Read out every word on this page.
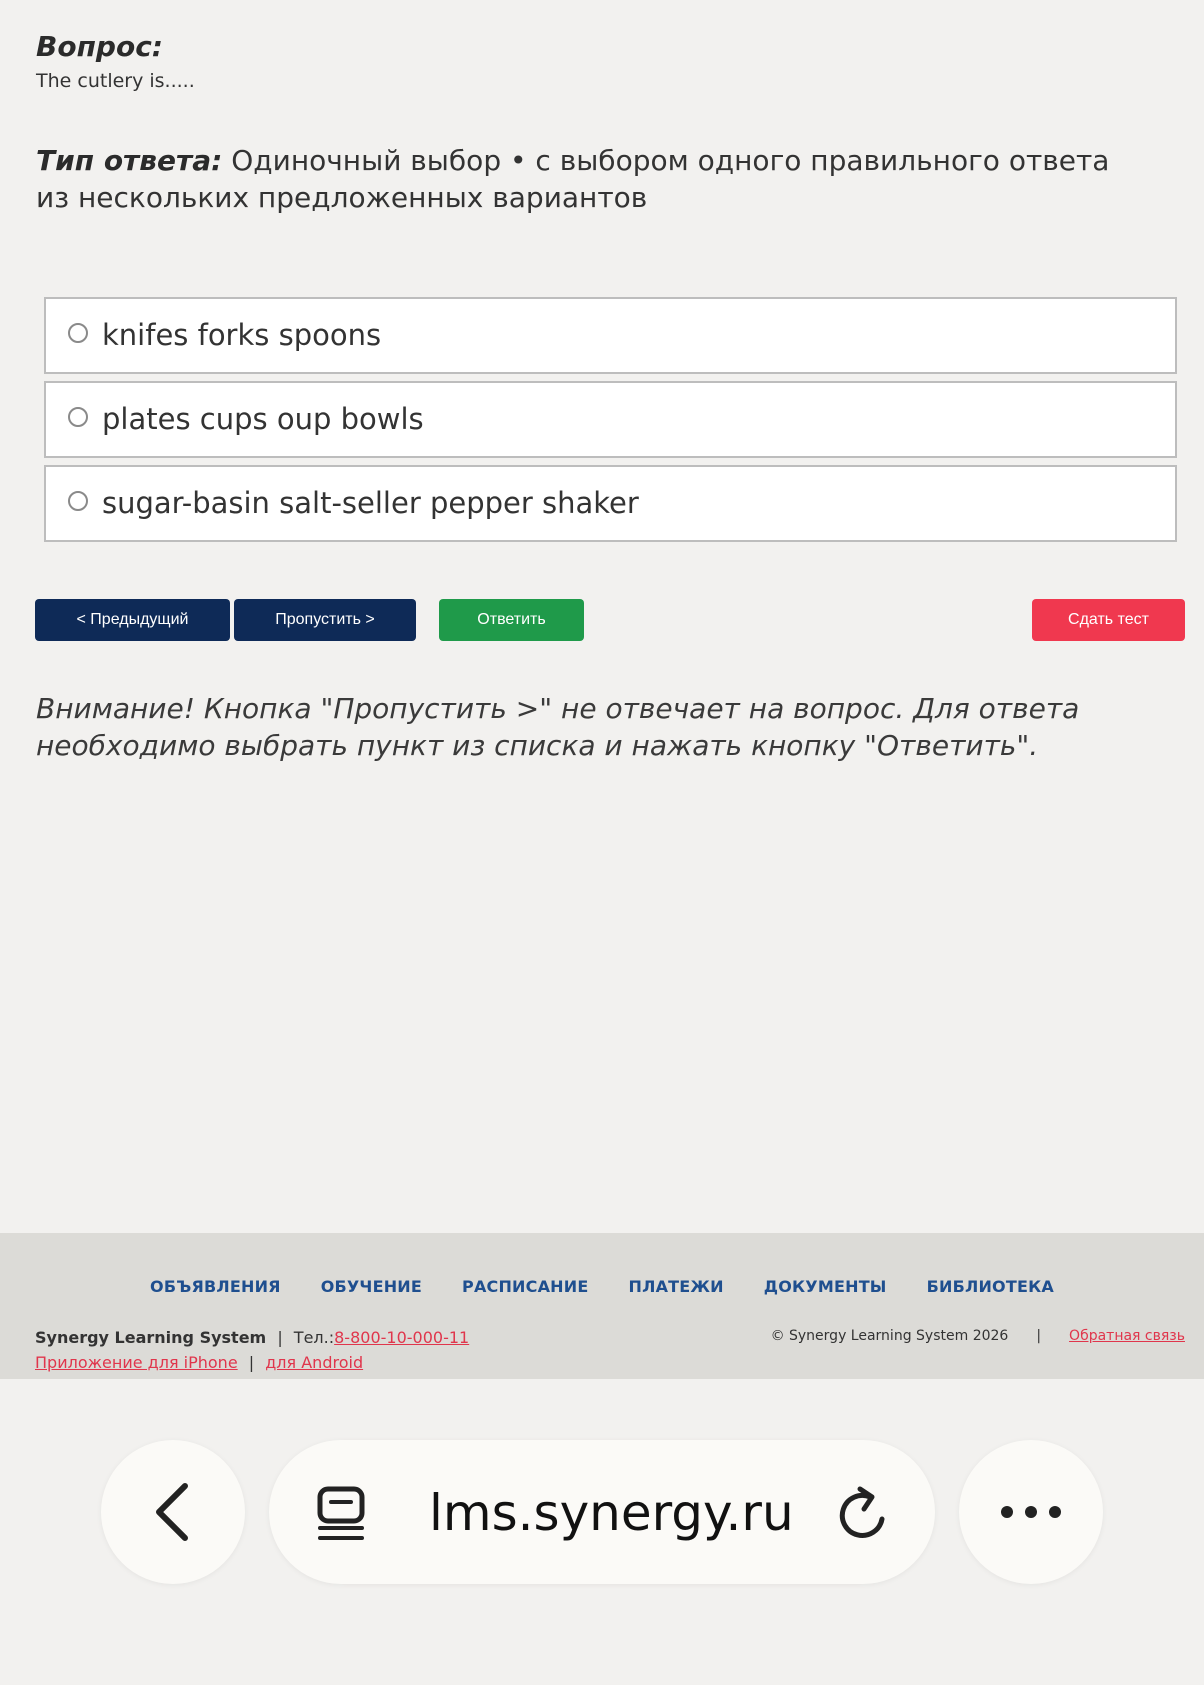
Вопрос:
The cutlery is.....
Тип ответа: Одиночный выбор • с выбором одного правильного ответа из нескольких предложенных вариантов
knifes forks spoons
plates cups oup bowls
sugar-basin salt-seller pepper shaker
< Предыдущий	Пропустить >	Ответить	Сдать тест
Внимание! Кнопка "Пропустить >" не отвечает на вопрос. Для ответа необходимо выбрать пункт из списка и нажать кнопку "Ответить".
ОБЪЯВЛЕНИЯ	ОБУЧЕНИЕ	РАСПИСАНИЕ	ПЛАТЕЖИ	ДОКУМЕНТЫ	БИБЛИОТЕКА
Synergy Learning System | Тел.:8-800-10-000-11
Приложение для iPhone | для Android
© Synergy Learning System 2026 | Обратная связь
lms.synergy.ru
